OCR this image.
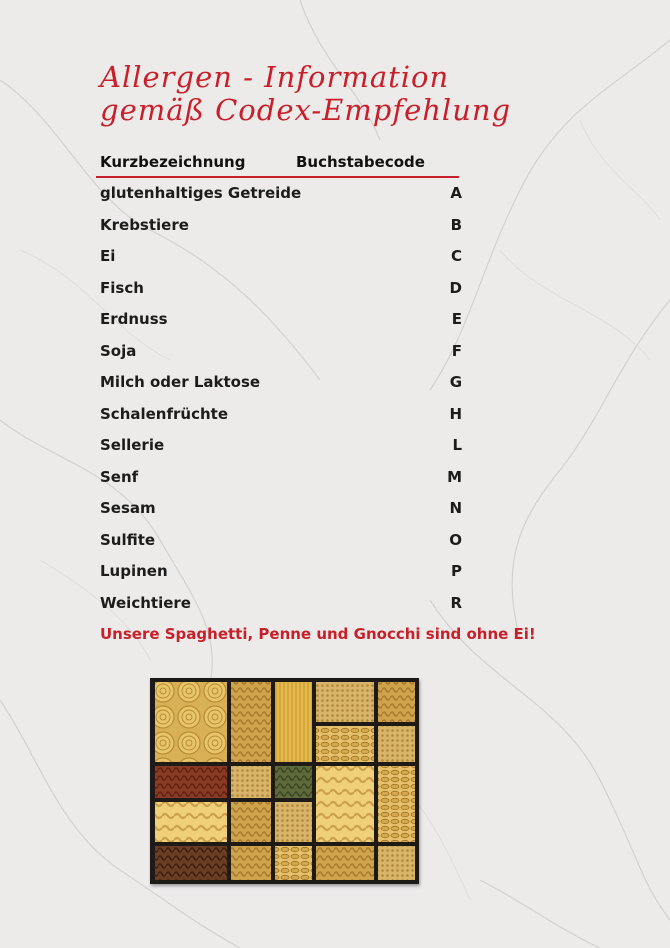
Allergen - Information
gemäß Codex-Empfehlung
Kurzbezeichnung	Buchstabecode
glutenhaltiges Getreide	A
Krebstiere	B
Ei	C
Fisch	D
Erdnuss	E
Soja	F
Milch oder Laktose	G
Schalenfrüchte	H
Sellerie	L
Senf	M
Sesam	N
Sulfite	O
Lupinen	P
Weichtiere	R
Unsere Spaghetti, Penne und Gnocchi sind ohne Ei!
